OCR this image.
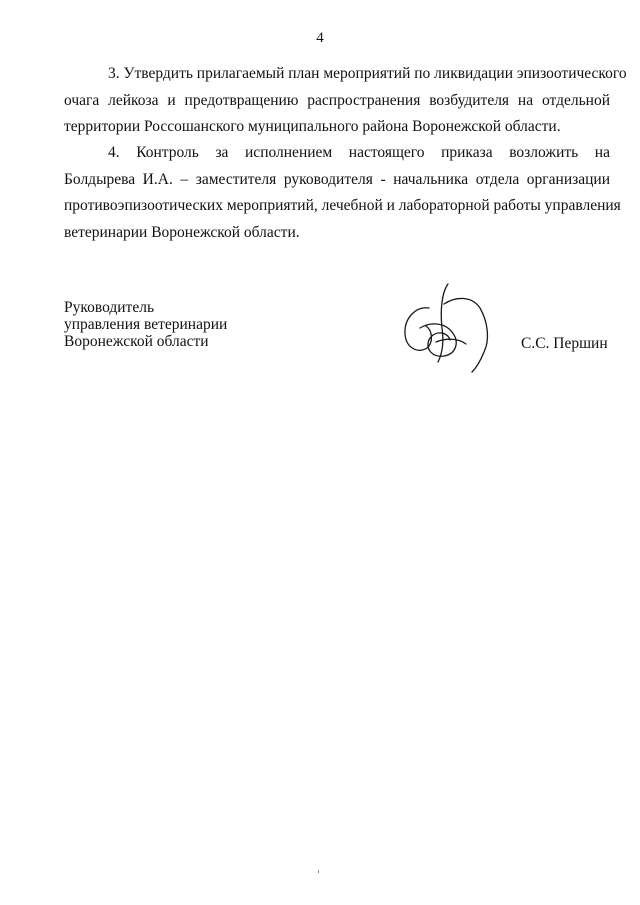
4
3. Утвердить прилагаемый план мероприятий по ликвидации эпизоотического
очага лейкоза и предотвращению распространения возбудителя на отдельной
территории Россошанского муниципального района Воронежской области.
4. Контроль за исполнением настоящего приказа возложить на
Болдырева И.А. – заместителя руководителя - начальника отдела организации
противоэпизоотических мероприятий, лечебной и лабораторной работы управления
ветеринарии Воронежской области.
Руководитель
управления ветеринарии
Воронежской области	С.С. Першин
